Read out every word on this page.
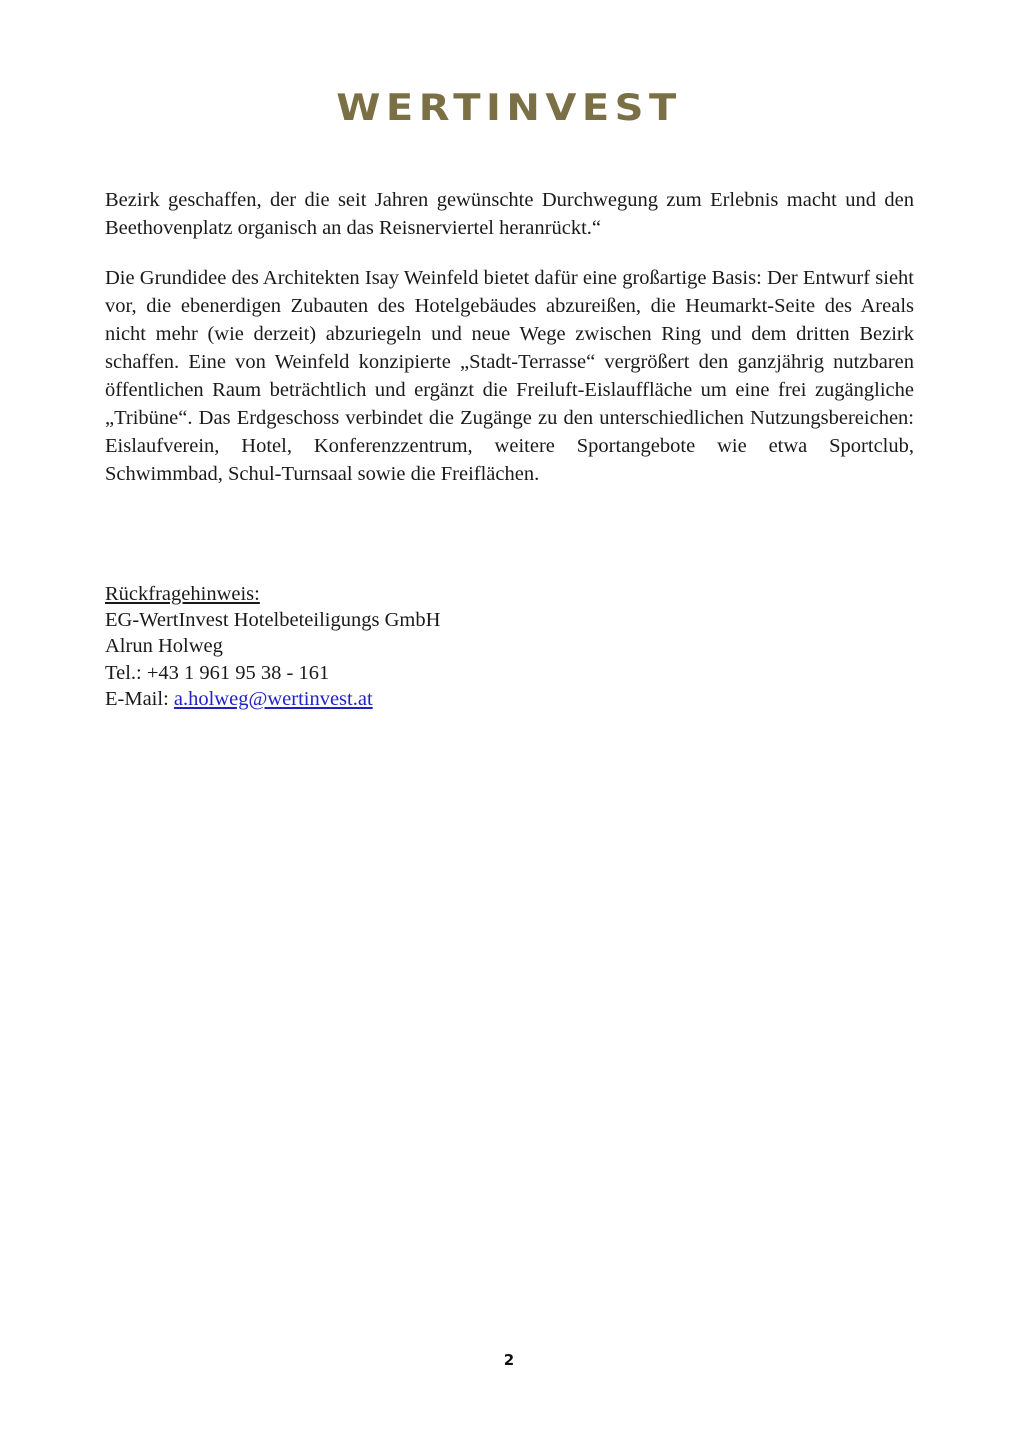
WERTINVEST

Bezirk geschaffen, der die seit Jahren gewünschte Durchwegung zum Erlebnis macht und den Beethovenplatz organisch an das Reisnerviertel heranrückt.“

Die Grundidee des Architekten Isay Weinfeld bietet dafür eine großartige Basis: Der Entwurf sieht vor, die ebenerdigen Zubauten des Hotelgebäudes abzureißen, die Heumarkt-Seite des Areals nicht mehr (wie derzeit) abzuriegeln und neue Wege zwischen Ring und dem dritten Bezirk schaffen. Eine von Weinfeld konzipierte „Stadt-Terrasse“ vergrößert den ganzjährig nutzbaren öffentlichen Raum beträchtlich und ergänzt die Freiluft-Eislauffläche um eine frei zugängliche „Tribüne“. Das Erdgeschoss verbindet die Zugänge zu den unterschiedlichen Nutzungsbereichen: Eislaufverein, Hotel, Konferenzzentrum, weitere Sportangebote wie etwa Sportclub, Schwimmbad, Schul-Turnsaal sowie die Freiflächen.

Rückfragehinweis:
EG-WertInvest Hotelbeteiligungs GmbH
Alrun Holweg
Tel.: +43 1 961 95 38 - 161
E-Mail: a.holweg@wertinvest.at
2
